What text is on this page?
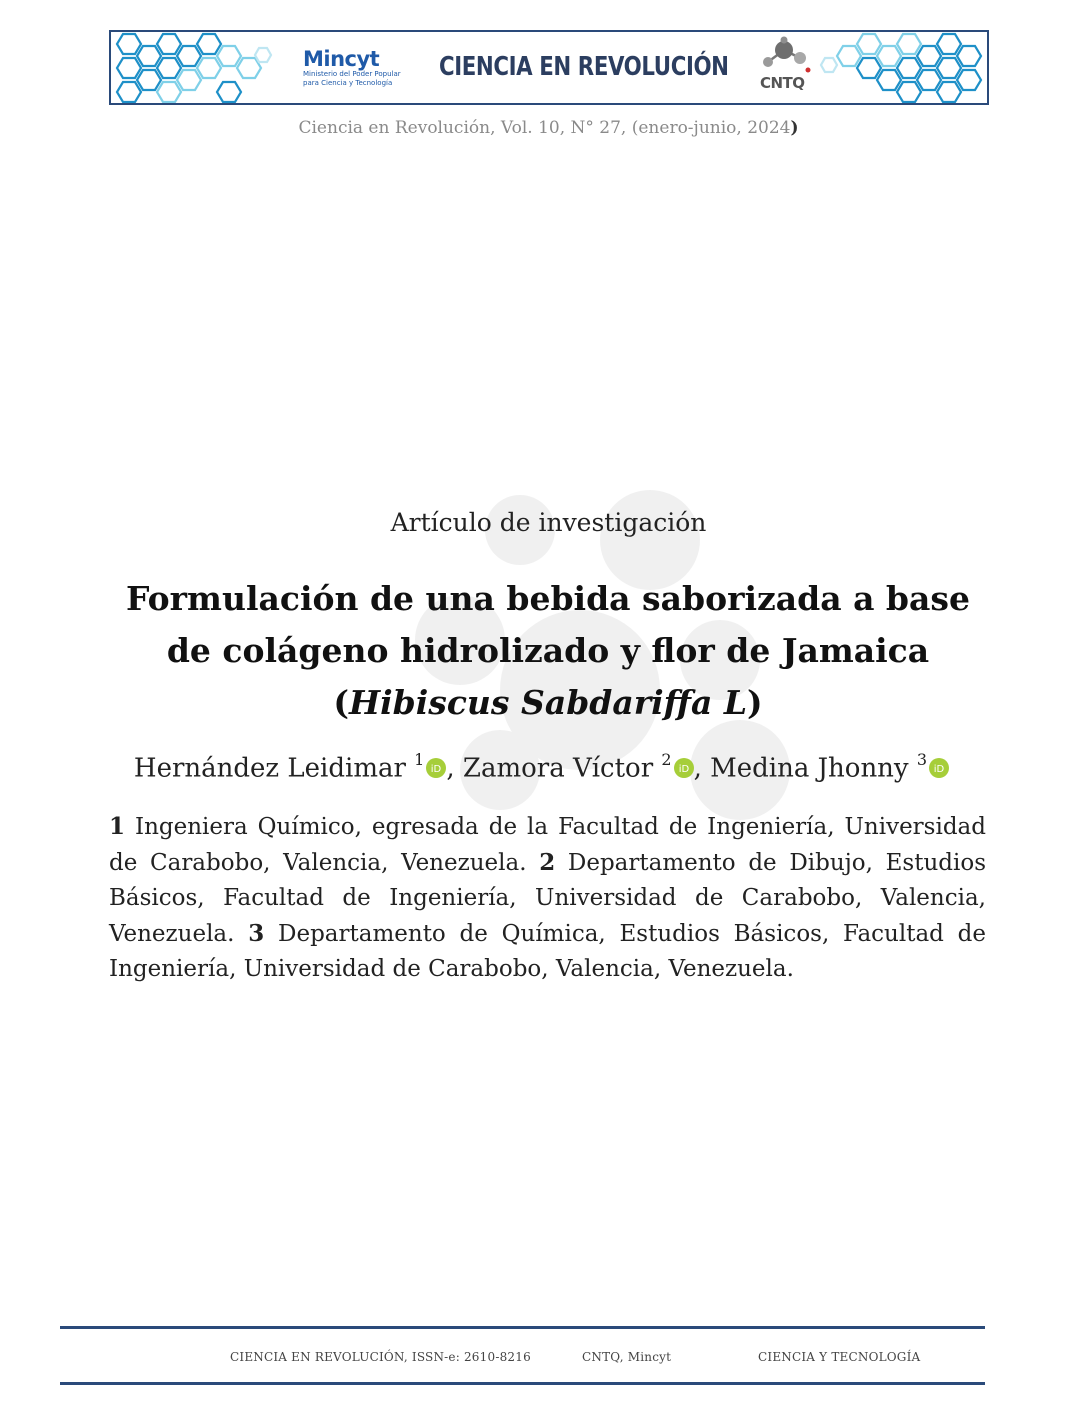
Mincyt
Ministerio del Poder Popular
para Ciencia y Tecnología
CIENCIA EN REVOLUCIÓN
CNTQ
Ciencia en Revolución, Vol. 10, N° 27, (enero-junio, 2024)
Artículo de investigación
Formulación de una bebida saborizada a base de colágeno hidrolizado y flor de Jamaica (Hibiscus Sabdariffa L)
Hernández Leidimar $^1$
iD , Zamora Víctor $^2$
iD , Medina Jhonny $^3$
iD

1 Ingeniera Químico, egresada de la Facultad de Ingeniería, Universidad de Carabobo, Valencia, Venezuela. 2 Departamento de Dibujo, Estudios Básicos, Facultad de Ingeniería, Universidad de Carabobo, Valencia, Venezuela. 3 Departamento de Química, Estudios Básicos, Facultad de Ingeniería, Universidad de Carabobo, Valencia, Venezuela.

CIENCIA EN REVOLUCIÓN, ISSN-e: 2610-8216	CNTQ, Mincyt	CIENCIA Y TECNOLOGÍA
